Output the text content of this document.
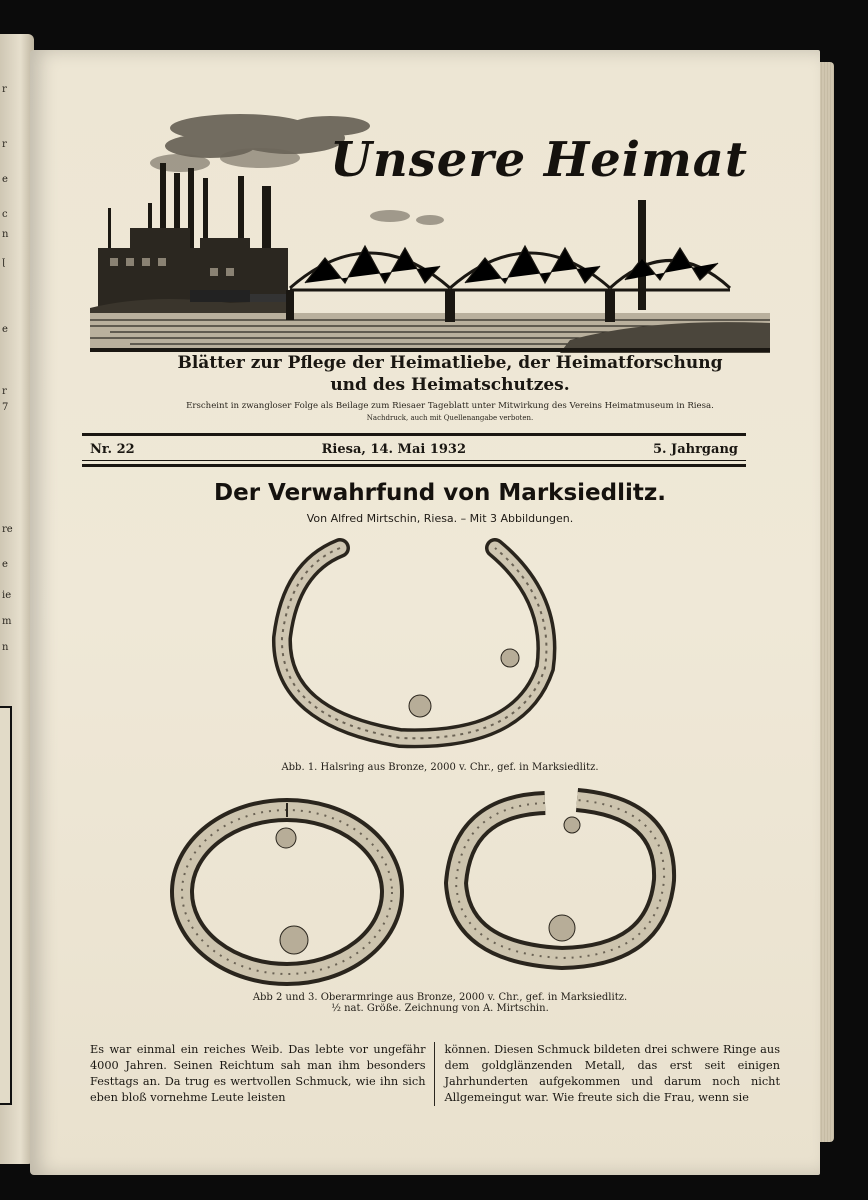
r
r
e
c
n
ꞁ
e
r
7
re
e
ie
m
n
Unsere Heimat
Blätter zur Pflege der Heimatliebe, der Heimatforschung
und des Heimatschutzes.
Erscheint in zwangloser Folge als Beilage zum Riesaer Tageblatt unter Mitwirkung des Vereins Heimatmuseum in Riesa.
Nachdruck, auch mit Quellenangabe verboten.
Nr. 22	Riesa, 14. Mai 1932	5. Jahrgang
Der Verwahrfund von Marksiedlitz.
Von Alfred Mirtschin, Riesa. – Mit 3 Abbildungen.
Abb. 1. Halsring aus Bronze, 2000 v. Chr., gef. in Marksiedlitz.
Abb 2 und 3. Oberarmringe aus Bronze, 2000 v. Chr., gef. in Marksiedlitz.
½ nat. Größe. Zeichnung von A. Mirtschin.
Es war einmal ein reiches Weib. Das lebte vor ungefähr 4000 Jahren. Seinen Reichtum sah man ihm besonders Festtags an. Da trug es wertvollen Schmuck, wie ihn sich eben bloß vornehme Leute leisten
können. Diesen Schmuck bildeten drei schwere Ringe aus dem goldglänzenden Metall, das erst seit einigen Jahrhunderten aufgekommen und darum noch nicht Allgemeingut war. Wie freute sich die Frau, wenn sie
